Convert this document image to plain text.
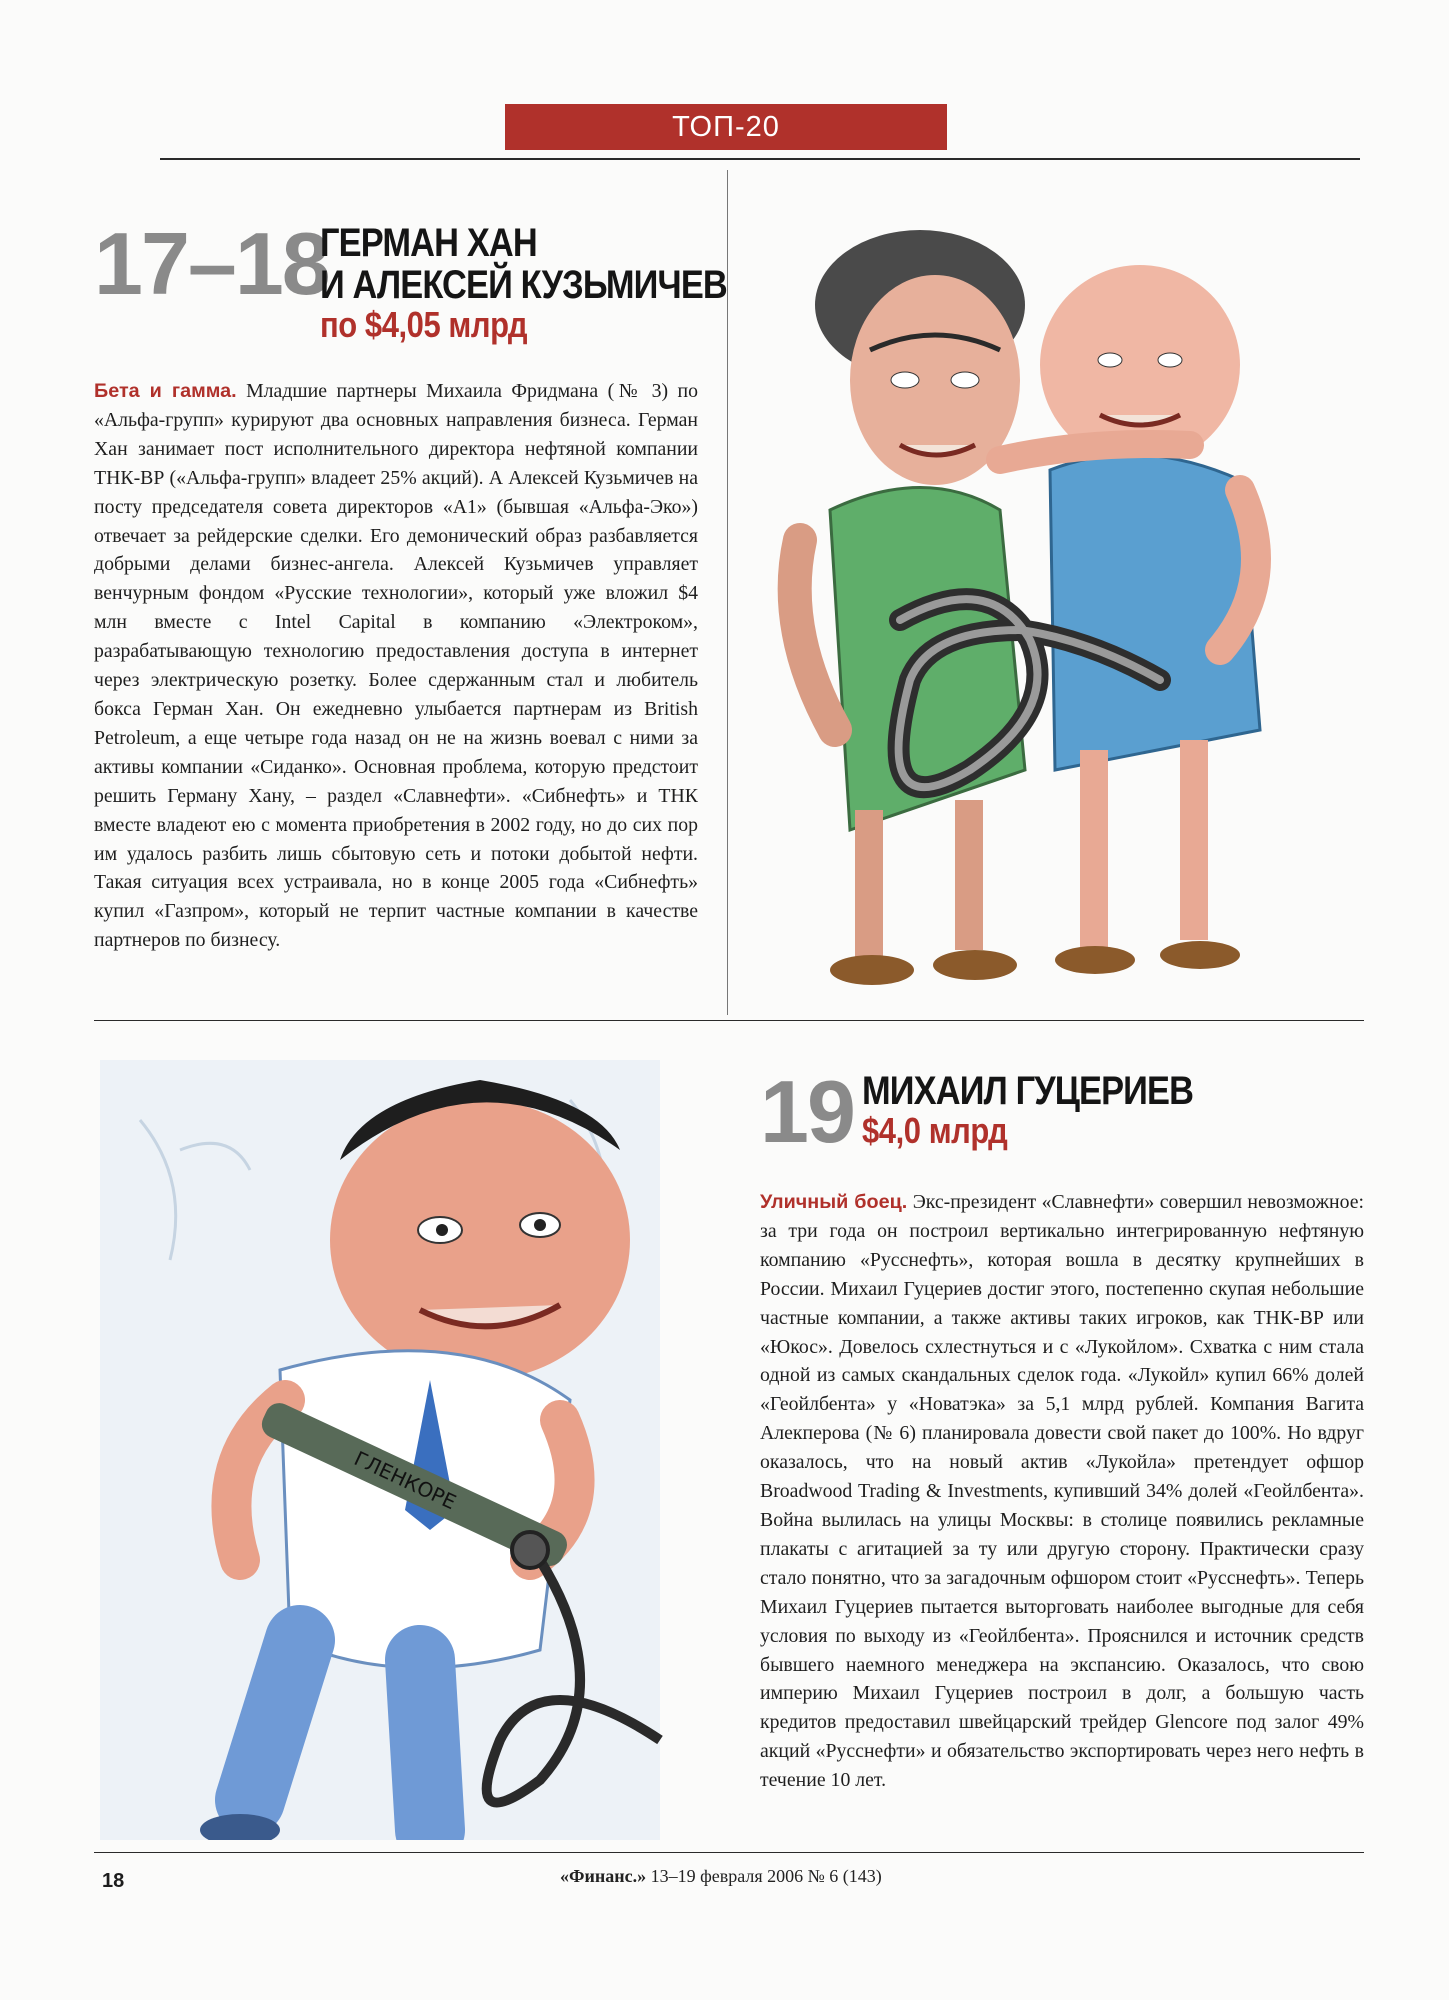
ТОП-20
17–18
ГЕРМАН ХАН
И АЛЕКСЕЙ КУЗЬМИЧЕВ
по $4,05 млрд
Бета и гамма. Младшие партнеры Михаила Фридмана (№ 3) по «Альфа-групп» курируют два основных направления бизнеса. Герман Хан занимает пост исполнительного директора нефтяной компании ТНК-ВР («Альфа-групп» владеет 25% акций). А Алексей Кузьмичев на посту председателя совета директоров «А1» (бывшая «Альфа-Эко») отвечает за рейдерские сделки. Его демонический образ разбавляется добрыми делами бизнес-ангела. Алексей Кузьмичев управляет венчурным фондом «Русские технологии», который уже вложил $4 млн вместе с Intel Capital в компанию «Электроком», разрабатывающую технологию предоставления доступа в интернет через электрическую розетку. Более сдержанным стал и любитель бокса Герман Хан. Он ежедневно улыбается партнерам из British Petroleum, а еще четыре года назад он не на жизнь воевал с ними за активы компании «Сиданко». Основная проблема, которую предстоит решить Герману Хану, – раздел «Славнефти». «Сибнефть» и ТНК вместе владеют ею с момента приобретения в 2002 году, но до сих пор им удалось разбить лишь сбытовую сеть и потоки добытой нефти. Такая ситуация всех устраивала, но в конце 2005 года «Сибнефть» купил «Газпром», который не терпит частные компании в качестве партнеров по бизнесу.
19 МИХАИЛ ГУЦЕРИЕВ
$4,0 млрд
Уличный боец. Экс-президент «Славнефти» совершил невозможное: за три года он построил вертикально интегрированную нефтяную компанию «Русснефть», которая вошла в десятку крупнейших в России. Михаил Гуцериев достиг этого, постепенно скупая небольшие частные компании, а также активы таких игроков, как ТНК-ВР или «Юкос». Довелось схлестнуться и с «Лукойлом». Схватка с ним стала одной из самых скандальных сделок года. «Лукойл» купил 66% долей «Геойлбента» у «Новатэка» за 5,1 млрд рублей. Компания Вагита Алекперова (№ 6) планировала довести свой пакет до 100%. Но вдруг оказалось, что на новый актив «Лукойла» претендует офшор Broadwood Trading & Investments, купивший 34% долей «Геойлбента». Война вылилась на улицы Москвы: в столице появились рекламные плакаты с агитацией за ту или другую сторону. Практически сразу стало понятно, что за загадочным офшором стоит «Русснефть». Теперь Михаил Гуцериев пытается выторговать наиболее выгодные для себя условия по выходу из «Геойлбента». Прояснился и источник средств бывшего наемного менеджера на экспансию. Оказалось, что свою империю Михаил Гуцериев построил в долг, а большую часть кредитов предоставил швейцарский трейдер Glencore под залог 49% акций «Русснефти» и обязательство экспортировать через него нефть в течение 10 лет.
ГЛЕНКОРЕ
18	«Финанс.» 13–19 февраля 2006 № 6 (143)
